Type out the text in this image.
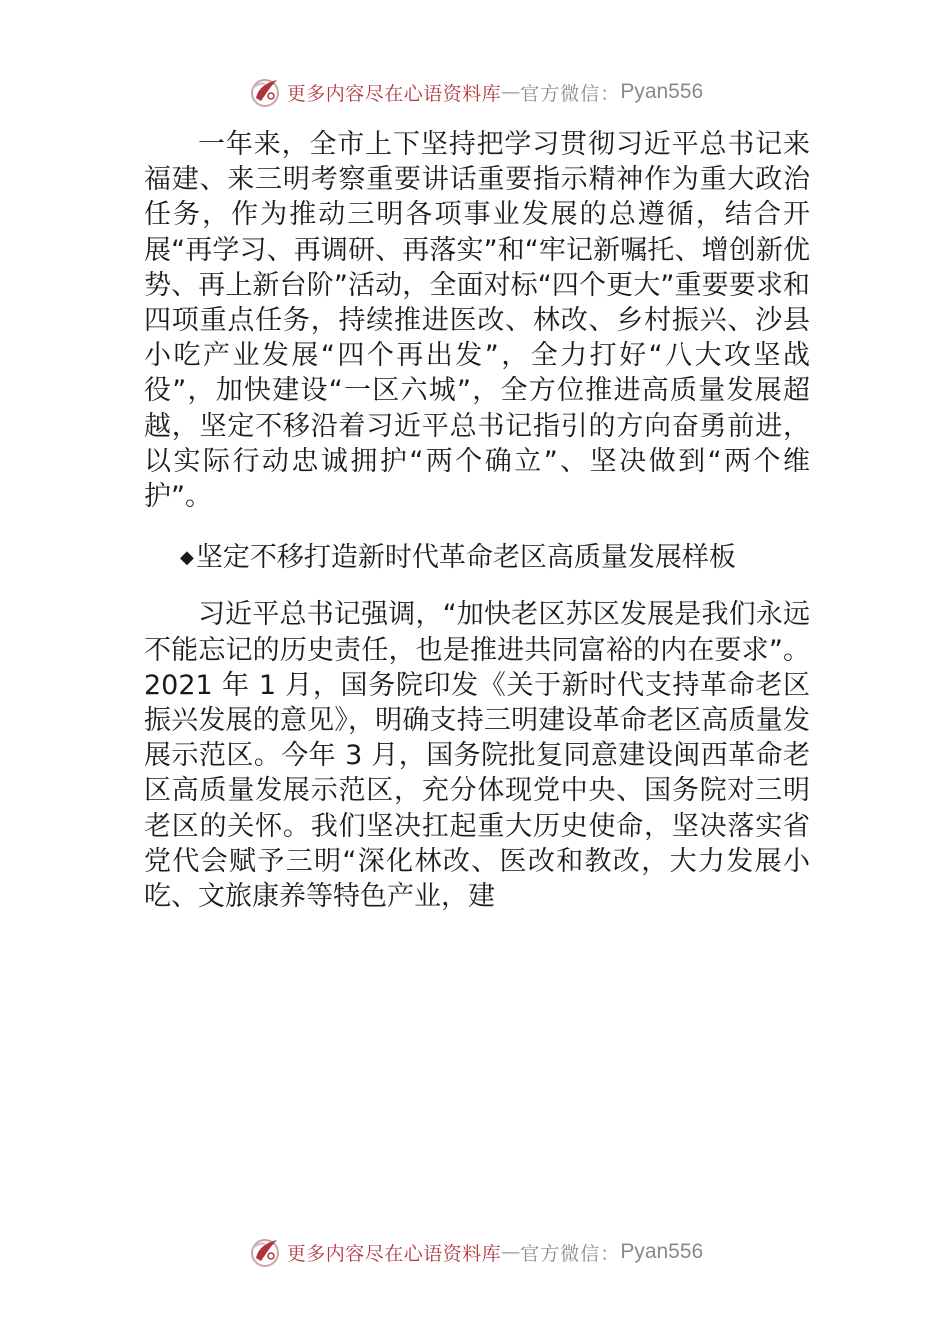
更多内容尽在心语资料库 — 官方微信： Pyan556

一年来，全市上下坚持把学习贯彻习近平总书记来福建、来三明考察重要讲话重要指示精神作为重大政治任务，作为推动三明各项事业发展的总遵循，结合开展“再学习、再调研、再落实”和“牢记新嘱托、增创新优势、再上新台阶”活动，全面对标“四个更大”重要要求和四项重点任务，持续推进医改、林改、乡村振兴、沙县小吃产业发展“四个再出发”，全力打好“八大攻坚战役”，加快建设“一区六城”，全方位推进高质量发展超越，坚定不移沿着习近平总书记指引的方向奋勇前进，以实际行动忠诚拥护“两个确立”、坚决做到“两个维护”。

◆坚定不移打造新时代革命老区高质量发展样板

习近平总书记强调，“加快老区苏区发展是我们永远不能忘记的历史责任，也是推进共同富裕的内在要求”。2021 年 1 月，国务院印发《关于新时代支持革命老区振兴发展的意见》，明确支持三明建设革命老区高质量发展示范区。今年 3 月，国务院批复同意建设闽西革命老区高质量发展示范区，充分体现党中央、国务院对三明老区的关怀。我们坚决扛起重大历史使命，坚决落实省党代会赋予三明“深化林改、医改和教改，大力发展小吃、文旅康养等特色产业，建

更多内容尽在心语资料库 — 官方微信： Pyan556
